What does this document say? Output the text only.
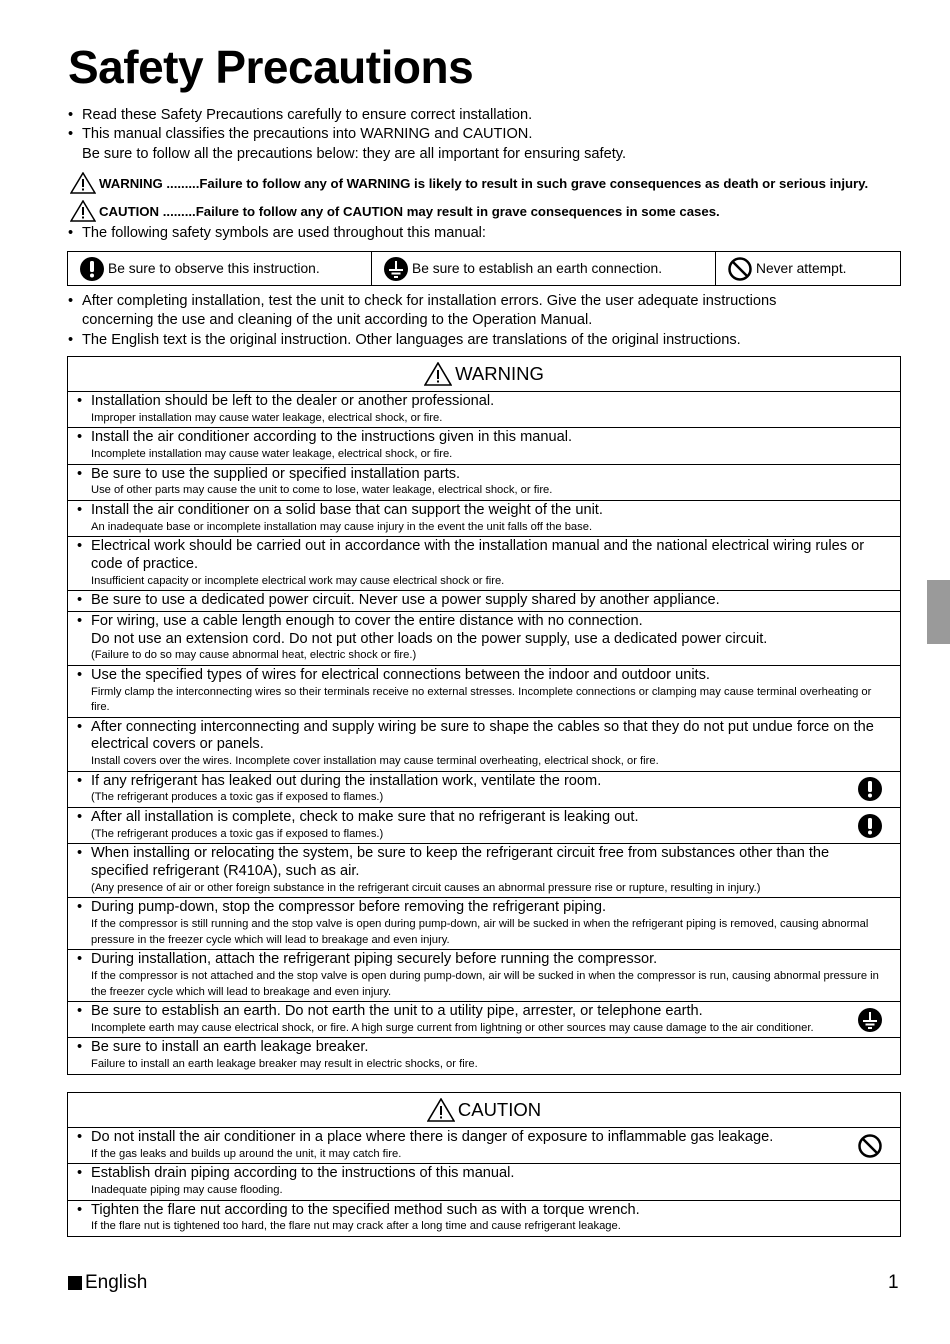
Safety Precautions
• Read these Safety Precautions carefully to ensure correct installation.
• This manual classifies the precautions into WARNING and CAUTION.
Be sure to follow all the precautions below: they are all important for ensuring safety.
WARNING .........Failure to follow any of WARNING is likely to result in such grave consequences as death or serious injury.
CAUTION .........Failure to follow any of CAUTION may result in grave consequences in some cases.
• The following safety symbols are used throughout this manual:
Be sure to observe this instruction.	Be sure to establish an earth connection.	Never attempt.
• After completing installation, test the unit to check for installation errors. Give the user adequate instructions
concerning the use and cleaning of the unit according to the Operation Manual.
• The English text is the original instruction. Other languages are translations of the original instructions.
WARNING
• Installation should be left to the dealer or another professional.
Improper installation may cause water leakage, electrical shock, or fire.
• Install the air conditioner according to the instructions given in this manual.
Incomplete installation may cause water leakage, electrical shock, or fire.
• Be sure to use the supplied or specified installation parts.
Use of other parts may cause the unit to come to lose, water leakage, electrical shock, or fire.
• Install the air conditioner on a solid base that can support the weight of the unit.
An inadequate base or incomplete installation may cause injury in the event the unit falls off the base.
• Electrical work should be carried out in accordance with the installation manual and the national electrical wiring rules or code of practice.
Insufficient capacity or incomplete electrical work may cause electrical shock or fire.
• Be sure to use a dedicated power circuit. Never use a power supply shared by another appliance.
• For wiring, use a cable length enough to cover the entire distance with no connection.
Do not use an extension cord. Do not put other loads on the power supply, use a dedicated power circuit.
(Failure to do so may cause abnormal heat, electric shock or fire.)
• Use the specified types of wires for electrical connections between the indoor and outdoor units.
Firmly clamp the interconnecting wires so their terminals receive no external stresses. Incomplete connections or clamping may cause terminal overheating or fire.
• After connecting interconnecting and supply wiring be sure to shape the cables so that they do not put undue force on the electrical covers or panels.
Install covers over the wires. Incomplete cover installation may cause terminal overheating, electrical shock, or fire.
• If any refrigerant has leaked out during the installation work, ventilate the room.
(The refrigerant produces a toxic gas if exposed to flames.)
• After all installation is complete, check to make sure that no refrigerant is leaking out.
(The refrigerant produces a toxic gas if exposed to flames.)
• When installing or relocating the system, be sure to keep the refrigerant circuit free from substances other than the specified refrigerant (R410A), such as air.
(Any presence of air or other foreign substance in the refrigerant circuit causes an abnormal pressure rise or rupture, resulting in injury.)
• During pump-down, stop the compressor before removing the refrigerant piping.
If the compressor is still running and the stop valve is open during pump-down, air will be sucked in when the refrigerant piping is removed, causing abnormal pressure in the freezer cycle which will lead to breakage and even injury.
• During installation, attach the refrigerant piping securely before running the compressor.
If the compressor is not attached and the stop valve is open during pump-down, air will be sucked in when the compressor is run, causing abnormal pressure in the freezer cycle which will lead to breakage and even injury.
• Be sure to establish an earth. Do not earth the unit to a utility pipe, arrester, or telephone earth.
Incomplete earth may cause electrical shock, or fire. A high surge current from lightning or other sources may cause damage to the air conditioner.
• Be sure to install an earth leakage breaker.
Failure to install an earth leakage breaker may result in electric shocks, or fire.
CAUTION
• Do not install the air conditioner in a place where there is danger of exposure to inflammable gas leakage.
If the gas leaks and builds up around the unit, it may catch fire.
• Establish drain piping according to the instructions of this manual.
Inadequate piping may cause flooding.
• Tighten the flare nut according to the specified method such as with a torque wrench.
If the flare nut is tightened too hard, the flare nut may crack after a long time and cause refrigerant leakage.
English	1
